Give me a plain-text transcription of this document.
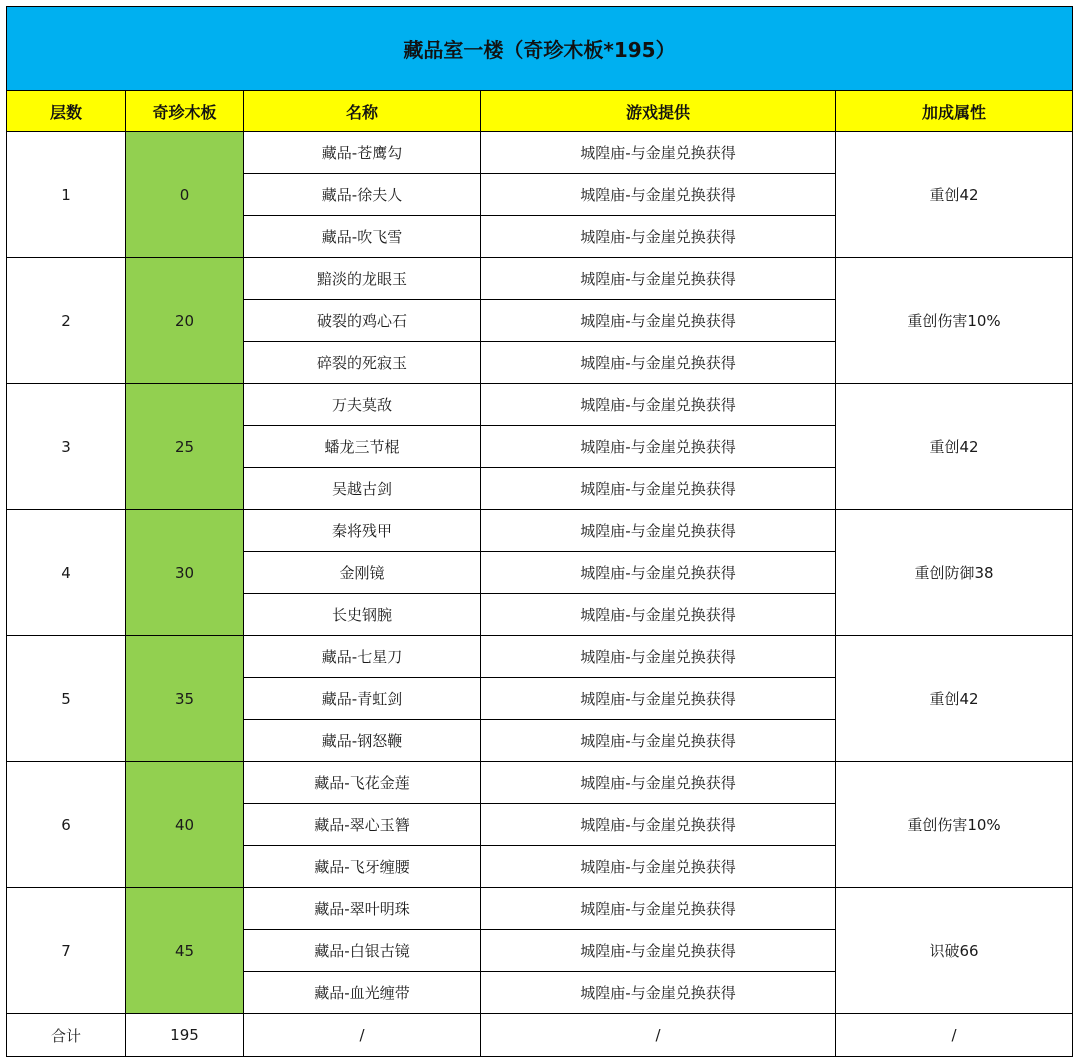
藏品室一楼（奇珍木板*195）				
层数	奇珍木板	名称	游戏提供	加成属性
1	0	藏品-苍鹰勾	城隍庙-与金崖兑换获得	重创42
		藏品-徐夫人	城隍庙-与金崖兑换获得	
		藏品-吹飞雪	城隍庙-与金崖兑换获得	
2	20	黯淡的龙眼玉	城隍庙-与金崖兑换获得	重创伤害10%
		破裂的鸡心石	城隍庙-与金崖兑换获得	
		碎裂的死寂玉	城隍庙-与金崖兑换获得	
3	25	万夫莫敌	城隍庙-与金崖兑换获得	重创42
		蟠龙三节棍	城隍庙-与金崖兑换获得	
		吴越古剑	城隍庙-与金崖兑换获得	
4	30	秦将残甲	城隍庙-与金崖兑换获得	重创防御38
		金刚镜	城隍庙-与金崖兑换获得	
		长史钢腕	城隍庙-与金崖兑换获得	
5	35	藏品-七星刀	城隍庙-与金崖兑换获得	重创42
		藏品-青虹剑	城隍庙-与金崖兑换获得	
		藏品-钢怒鞭	城隍庙-与金崖兑换获得	
6	40	藏品-飞花金莲	城隍庙-与金崖兑换获得	重创伤害10%
		藏品-翠心玉簪	城隍庙-与金崖兑换获得	
		藏品-飞牙缠腰	城隍庙-与金崖兑换获得	
7	45	藏品-翠叶明珠	城隍庙-与金崖兑换获得	识破66
		藏品-白银古镜	城隍庙-与金崖兑换获得	
		藏品-血光缠带	城隍庙-与金崖兑换获得	
合计	195	/	/	/
